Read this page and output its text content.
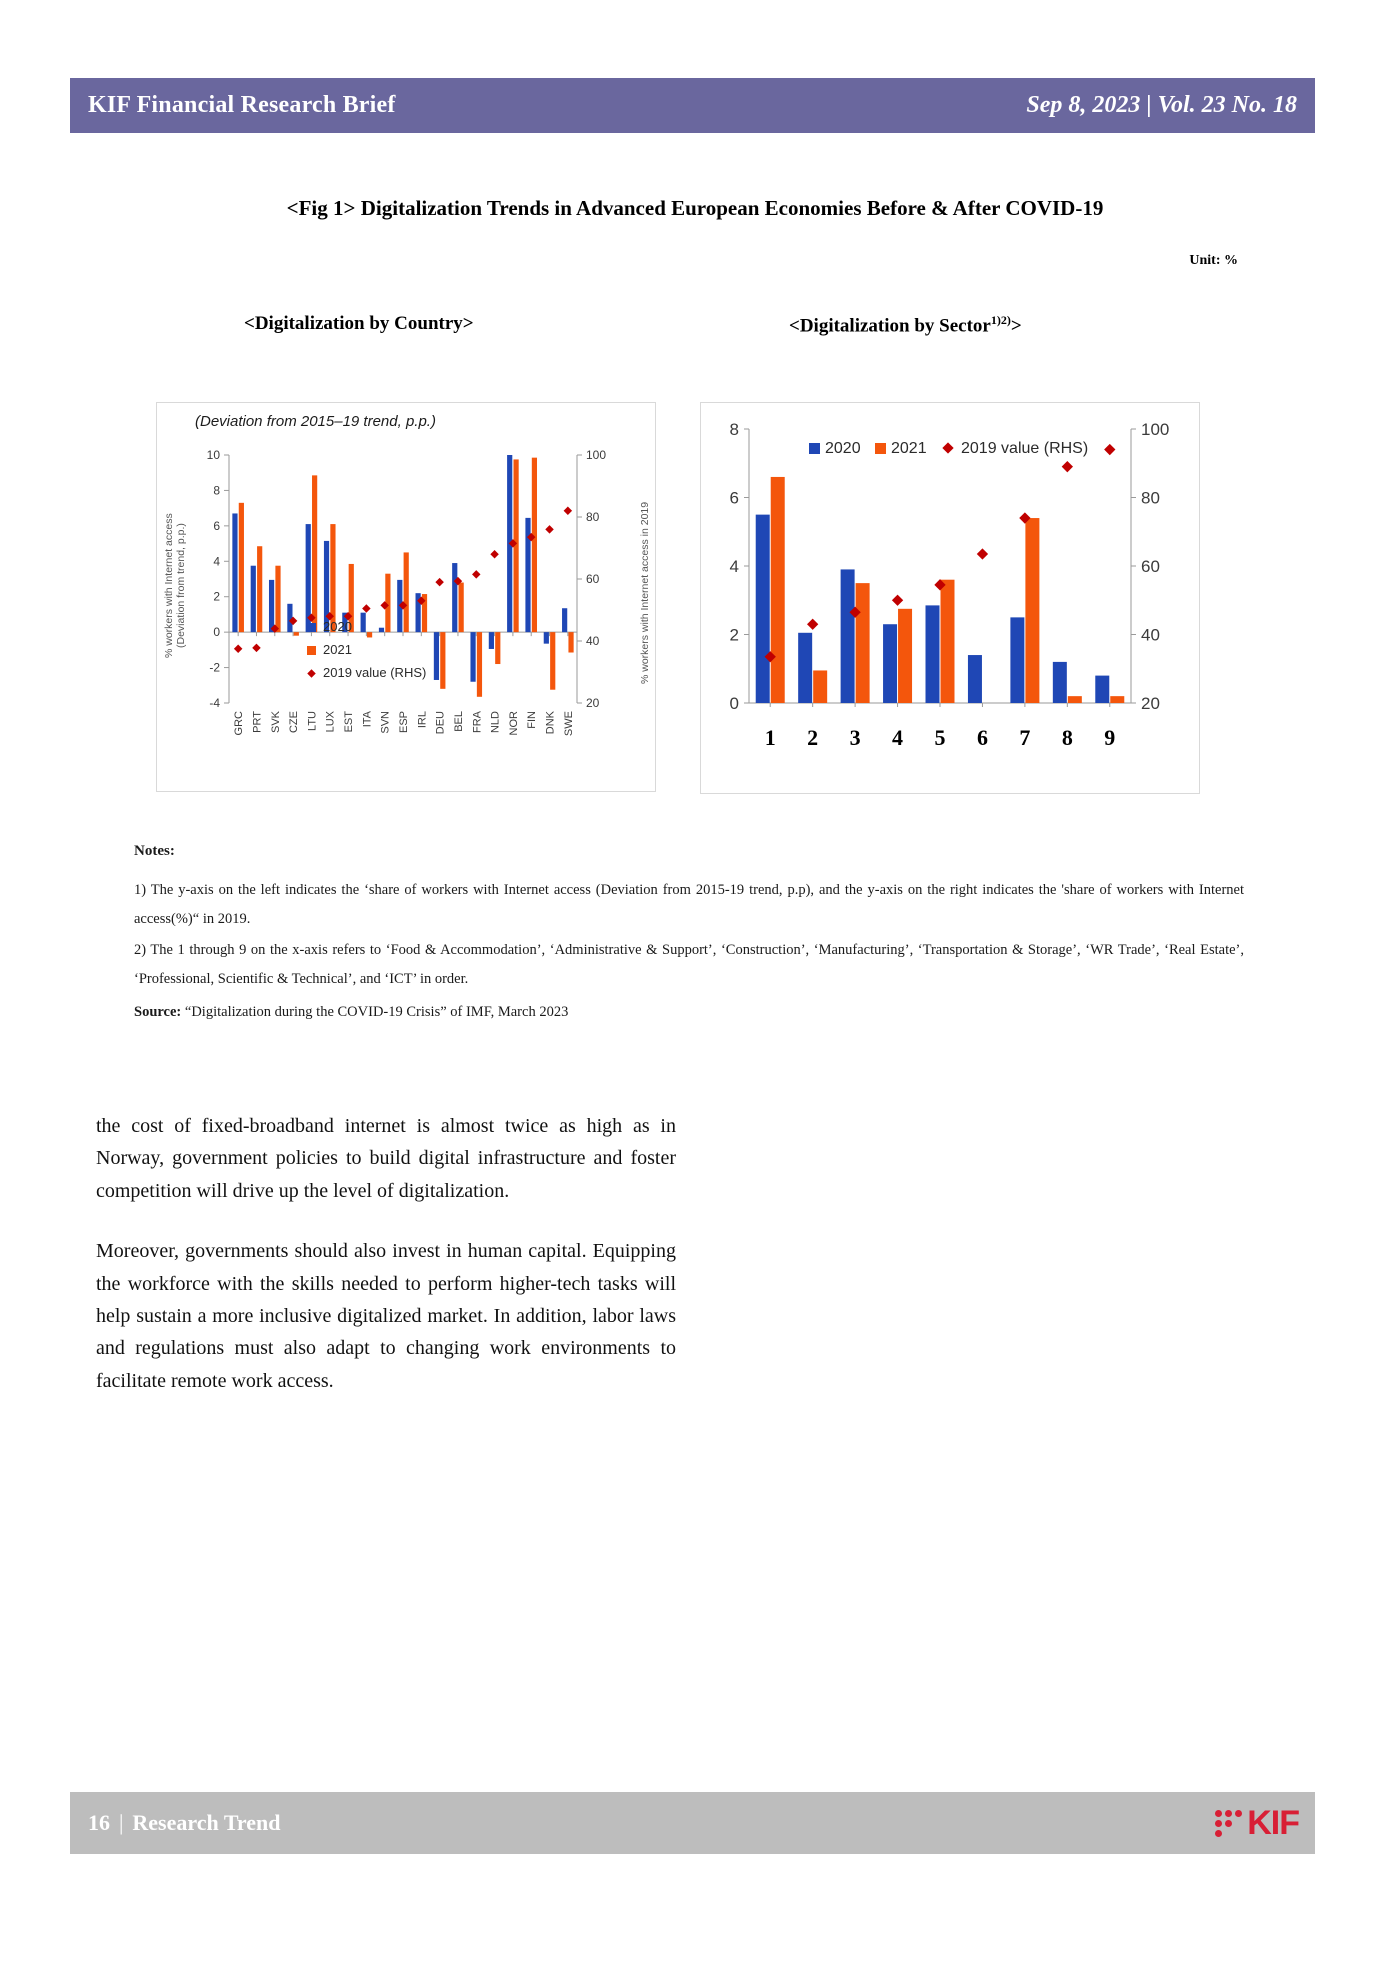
KIF Financial Research Brief	Sep 8, 2023 | Vol. 23 No. 18
<Fig 1> Digitalization Trends in Advanced European Economies Before & After COVID-19
Unit: %
<Digitalization by Country>	<Digitalization by Sector$^{1)2)}$>
(Deviation from 2015–19 trend, p.p.)
% workers with Internet access
(Deviation from trend, p.p.)	% workers with Internet access in 2019
-4
-2
0
2
4
6
8
10
20
40
60
80
100
GRC PRT SVK CZE LTU LUX EST ITA SVN ESP IRL DEU BEL FRA NLD NOR FIN DNK SWE
2020
2021
2019 value (RHS)
0
2
4
6
8
20
40
60
80
100
1 2 3 4 5 6 7 8 9
2020 2021 2019 value (RHS)
Notes:

1) The y-axis on the left indicates the ‘share of workers with Internet access (Deviation from 2015-19 trend, p.p), and the y-axis on the right indicates the 'share of workers with Internet access(%)“ in 2019.

2) The 1 through 9 on the x-axis refers to ‘Food & Accommodation’, ‘Administrative & Support’, ‘Construction’, ‘Manufacturing’, ‘Transportation & Storage’, ‘WR Trade’, ‘Real Estate’, ‘Professional, Scientific & Technical’, and ‘ICT’ in order.

Source: “Digitalization during the COVID-19 Crisis” of IMF, March 2023

the cost of fixed-broadband internet is almost twice as high as in Norway, government policies to build digital infrastructure and foster competition will drive up the level of digitalization.

Moreover, governments should also invest in human capital. Equipping the workforce with the skills needed to perform higher-tech tasks will help sustain a more inclusive digitalized market. In addition, labor laws and regulations must also adapt to changing work environments to facilitate remote work access.

16 | Research Trend	KIF
